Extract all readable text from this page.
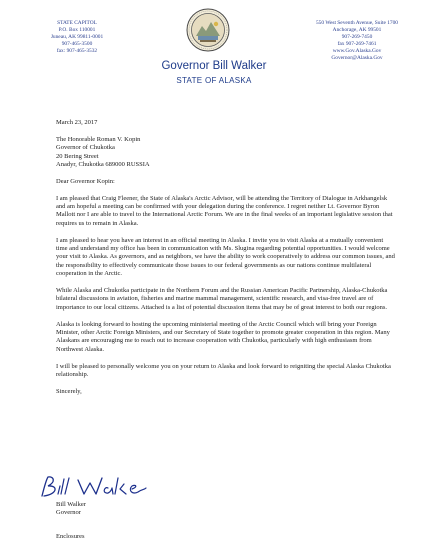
STATE CAPITOL
P.O. Box 110001
Juneau, AK 99811-0001
907-465-3500
fax: 907-465-3532
550 West Seventh Avenue, Suite 1700
Anchorage, AK 99501
907-269-7450
fax 907-269-7461
www.Gov.Alaska.Gov
Governor@Alaska.Gov
Governor Bill Walker
STATE OF ALASKA

March 23, 2017

The Honorable Roman V. Kopin
Governor of Chukotka
20 Bering Street
Anadyr, Chukotka 689000 RUSSIA

Dear Governor Kopin:

I am pleased that Craig Fleener, the State of Alaska's Arctic Advisor, will be attending the Territory of Dialogue in Arkhangelsk and am hopeful a meeting can be confirmed with your delegation during the conference. I regret neither Lt. Governor Byron Mallott nor I are able to travel to the International Arctic Forum. We are in the final weeks of an important legislative session that requires us to remain in Alaska.

I am pleased to hear you have an interest in an official meeting in Alaska. I invite you to visit Alaska at a mutually convenient time and understand my office has been in communication with Ms. Slugina regarding potential opportunities. I would welcome your visit to Alaska. As governors, and as neighbors, we have the ability to work cooperatively to address our common issues, and the responsibility to effectively communicate those issues to our federal governments as our nations continue multilateral cooperation in the Arctic.

While Alaska and Chukotka participate in the Northern Forum and the Russian American Pacific Partnership, Alaska-Chukotka bilateral discussions in aviation, fisheries and marine mammal management, scientific research, and visa-free travel are of importance to our local citizens. Attached is a list of potential discussion items that may be of great interest to both our regions.

Alaska is looking forward to hosting the upcoming ministerial meeting of the Arctic Council which will bring your Foreign Minister, other Arctic Foreign Ministers, and our Secretary of State together to promote greater cooperation in this region. Many Alaskans are encouraging me to reach out to increase cooperation with Chukotka, particularly with high enthusiasm from Northwest Alaska.

I will be pleased to personally welcome you on your return to Alaska and look forward to reigniting the special Alaska Chukotka relationship.

Sincerely,

Bill Walker
Governor
Enclosures
